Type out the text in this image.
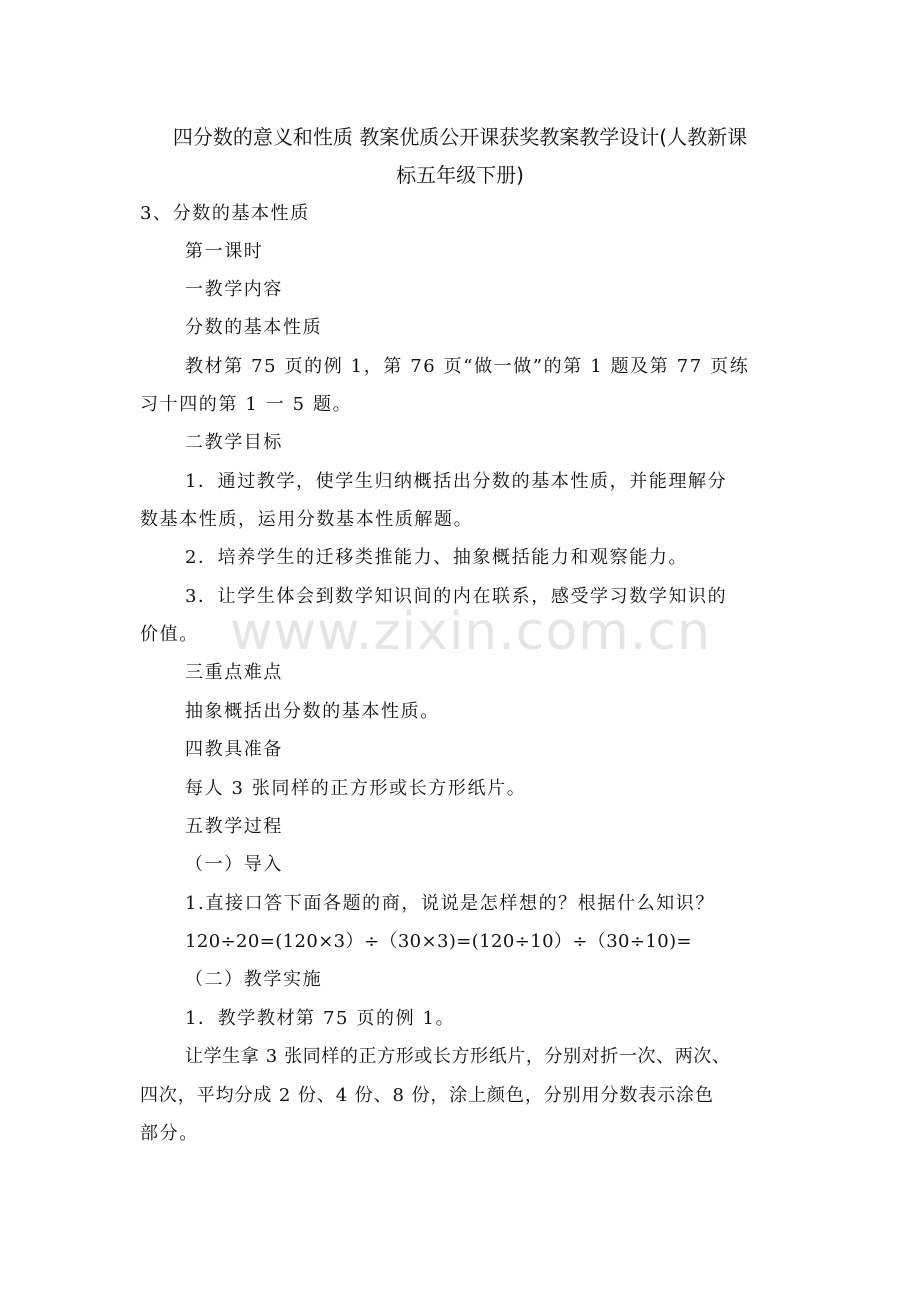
四分数的意义和性质 教案优质公开课获奖教案教学设计(人教新课
标五年级下册)
3、分数的基本性质
第一课时
一教学内容
分数的基本性质
教材第 75 页的例 1，第 76 页“做一做”的第 1 题及第 77 页练
习十四的第 1 一 5 题。
二教学目标
1．通过教学，使学生归纳概括出分数的基本性质，并能理解分
数基本性质，运用分数基本性质解题。
2．培养学生的迁移类推能力、抽象概括能力和观察能力。
3．让学生体会到数学知识间的内在联系，感受学习数学知识的
价值。
三重点难点
抽象概括出分数的基本性质。
四教具准备
每人 3 张同样的正方形或长方形纸片。
五教学过程
（一）导入
1.直接口答下面各题的商，说说是怎样想的？根据什么知识？
120÷20=(120×3）÷（30×3)=(120÷10）÷（30÷10)=
（二）教学实施
1．教学教材第 75 页的例 1。
让学生拿 3 张同样的正方形或长方形纸片，分别对折一次、两次、
四次，平均分成 2 份、4 份、8 份，涂上颜色，分别用分数表示涂色
部分。
www.zixin.com.cn
